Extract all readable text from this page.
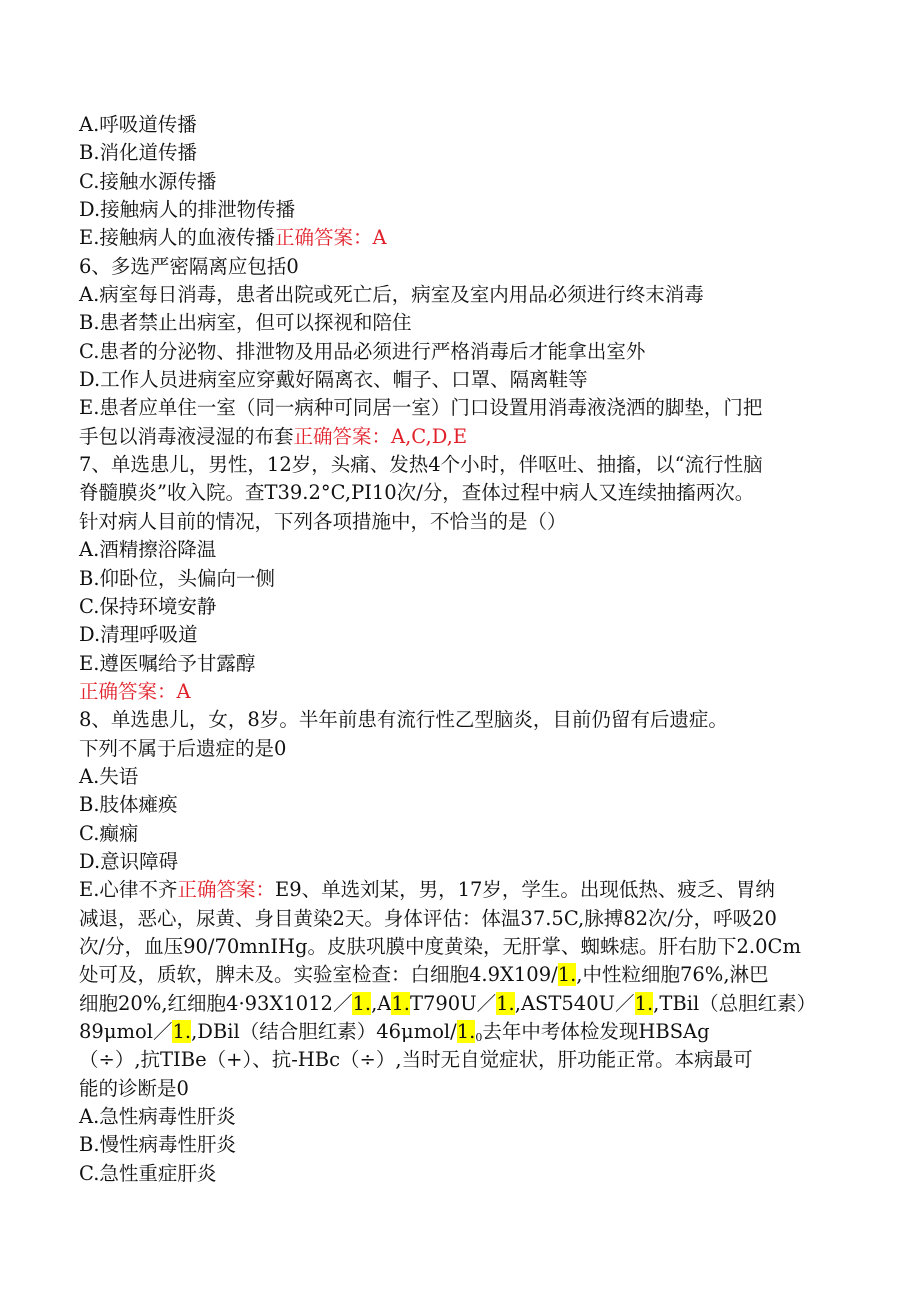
A.呼吸道传播
B.消化道传播
C.接触水源传播
D.接触病人的排泄物传播
E.接触病人的血液传播正确答案：A
6、多选严密隔离应包括0
A.病室每日消毒，患者出院或死亡后，病室及室内用品必须进行终末消毒
B.患者禁止出病室，但可以探视和陪住
C.患者的分泌物、排泄物及用品必须进行严格消毒后才能拿出室外
D.工作人员进病室应穿戴好隔离衣、帽子、口罩、隔离鞋等
E.患者应单住一室（同一病种可同居一室）门口设置用消毒液浇洒的脚垫，门把
手包以消毒液浸湿的布套正确答案：A,C,D,E
7、单选患儿，男性，12岁，头痛、发热4个小时，伴呕吐、抽搐，以“流行性脑
脊髓膜炎”收入院。查T39.2°C,PI10次/分，查体过程中病人又连续抽搐两次。
针对病人目前的情况，下列各项措施中，不恰当的是（）
A.酒精擦浴降温
B.仰卧位，头偏向一侧
C.保持环境安静
D.清理呼吸道
E.遵医嘱给予甘露醇
正确答案：A
8、单选患儿，女，8岁。半年前患有流行性乙型脑炎，目前仍留有后遗症。
下列不属于后遗症的是0
A.失语
B.肢体瘫痪
C.癫痫
D.意识障碍
E.心律不齐正确答案：E9、单选刘某，男，17岁，学生。出现低热、疲乏、胃纳
减退，恶心，尿黄、身目黄染2天。身体评估：体温37.5C,脉搏82次/分，呼吸20
次/分，血压90/70mnIHg。皮肤巩膜中度黄染，无肝掌、蜘蛛痣。肝右肋下2.0Cm
处可及，质软，脾未及。实验室检查：白细胞4.9X109/1.,中性粒细胞76%,淋巴
细胞20%,红细胞4·93X1012／1.,A1.T790U／1.,AST540U／1.,TBil（总胆红素）
89μmol／1.,DBil（结合胆红素）$46\mu mol/1._0$去年中考体检发现HBSAg
（÷）,抗TIBe（+）、抗-HBc（÷）,当时无自觉症状，肝功能正常。本病最可
能的诊断是0
A.急性病毒性肝炎
B.慢性病毒性肝炎
C.急性重症肝炎
